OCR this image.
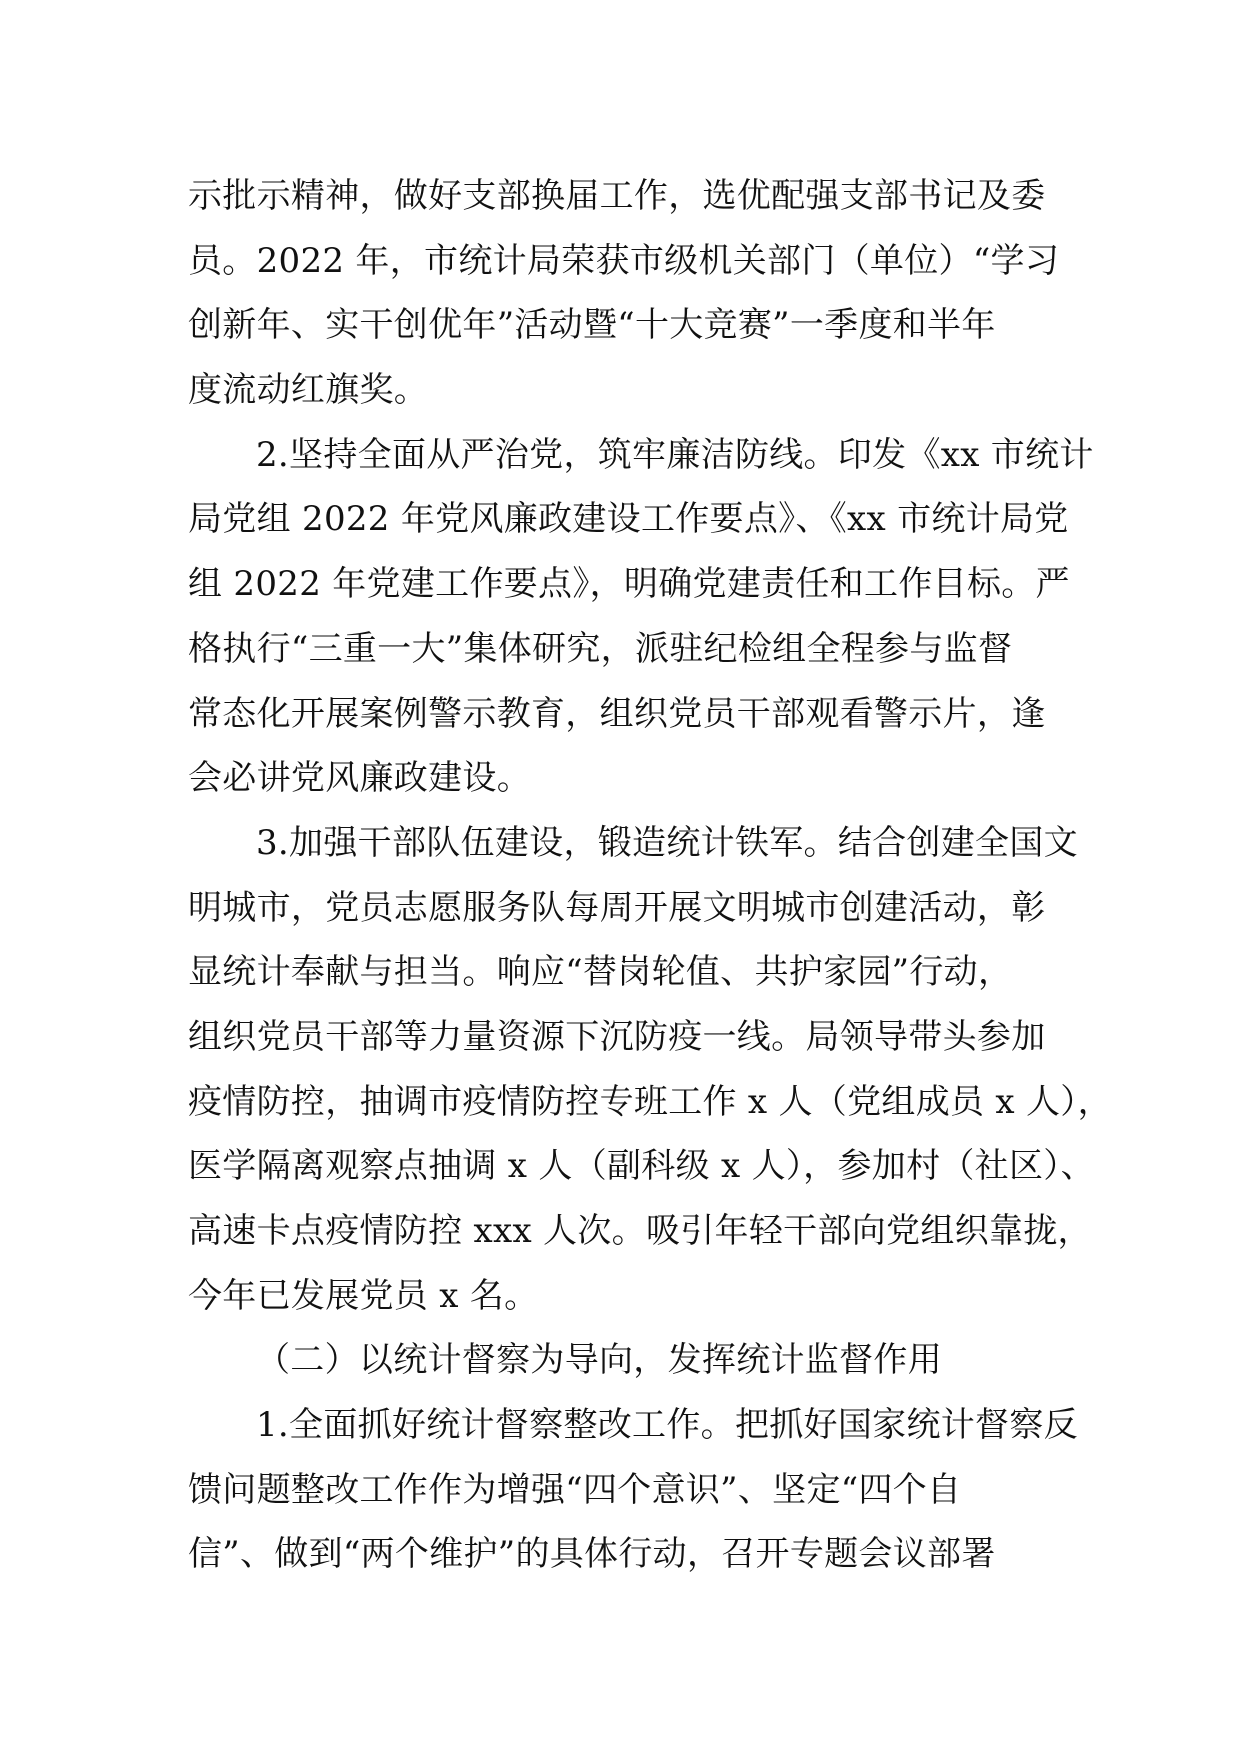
示批示精神，做好支部换届工作，选优配强支部书记及委
员。2022 年，市统计局荣获市级机关部门（单位）“学习
创新年、实干创优年”活动暨“十大竞赛”一季度和半年
度流动红旗奖。
2.坚持全面从严治党，筑牢廉洁防线。印发《xx 市统计
局党组 2022 年党风廉政建设工作要点》、《xx 市统计局党
组 2022 年党建工作要点》，明确党建责任和工作目标。严
格执行“三重一大”集体研究，派驻纪检组全程参与监督
常态化开展案例警示教育，组织党员干部观看警示片，逢
会必讲党风廉政建设。
3.加强干部队伍建设，锻造统计铁军。结合创建全国文
明城市，党员志愿服务队每周开展文明城市创建活动，彰
显统计奉献与担当。响应“替岗轮值、共护家园”行动，
组织党员干部等力量资源下沉防疫一线。局领导带头参加
疫情防控，抽调市疫情防控专班工作 x 人（党组成员 x 人），
医学隔离观察点抽调 x 人（副科级 x 人），参加村（社区）、
高速卡点疫情防控 xxx 人次。吸引年轻干部向党组织靠拢，
今年已发展党员 x 名。
（二）以统计督察为导向，发挥统计监督作用
1.全面抓好统计督察整改工作。把抓好国家统计督察反
馈问题整改工作作为增强“四个意识”、坚定“四个自
信”、做到“两个维护”的具体行动，召开专题会议部署
